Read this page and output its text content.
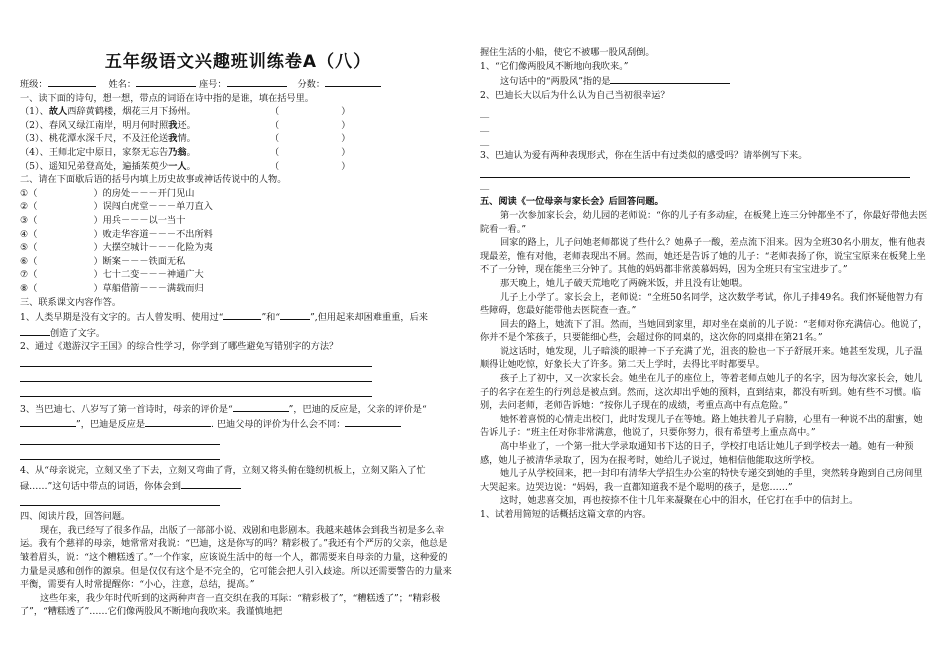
五年级语文兴趣班训练卷A（八）

班级：	姓名：	座号：	分数：

一、读下面的诗句，想一想，带点的词语在诗中指的是谁，填在括号里。

（1）、故人西辞黄鹤楼，烟花三月下扬州。	（	）

（2）、春风又绿江南岸，明月何时照我还。	（	）

（3）、桃花潭水深千尺，不及汪伦送我情。	（	）

（4）、王师北定中原日，家祭无忘告乃翁。	（	）

（5）、遥知兄弟登高处，遍插茱萸少一人。	（	）

二、请在下面歇后语的括号内填上历史故事或神话传说中的人物。

①（	）的房处－－－开门见山

②（	）误闯白虎堂－－－单刀直入

③（	）用兵－－－以一当十

④（	）败走华容道－－－不出所料

⑤（	）大摆空城计－－－化险为夷

⑥（	）断案－－－铁面无私

⑦（	）七十二变－－－神通广大

⑧（	）草船借箭－－－满载而归

三、联系课文内容作答。

1、人类早期是没有文字的。古人曾发明、使用过“	”和“	”,但用起来却困难重重，后来创造了文字。

2、通过《遨游汉字王国》的综合性学习，你学到了哪些避免写错别字的方法？

3、当巴迪七、八岁写了第一首诗时，母亲的评价是“	”，巴迪的反应是，父亲的评价是“”，巴迪是反应是	. 巴迪父母的评价为什么会不同：

4、从“母亲说完，立刻又坐了下去，立刻又弯曲了背，立刻又将头俯在缝纫机板上，立刻又陷入了忙碌……”这句话中带点的词语，你体会到

四、阅读片段，回答问题。

现在，我已经写了很多作品，出版了一部部小说、戏剧和电影剧本。我越来越体会到我当初是多么幸运。我有个慈祥的母亲，她常常对我说：“巴迪，这是你写的吗？精彩极了。”我还有个严厉的父亲，他总是皱着眉头，说：“这个糟糕透了。”一个作家，应该说生活中的每一个人，都需要来自母亲的力量，这种爱的力量是灵感和创作的源泉。但是仅仅有这个是不完全的，它可能会把人引入歧途。所以还需要警告的力量来平衡，需要有人时常提醒你：“小心，注意，总结，提高。”

这些年来，我少年时代听到的这两种声音一直交织在我的耳际：“精彩极了”，“糟糕透了”；“精彩极了”，“糟糕透了”……它们像两股风不断地向我吹来。我谨慎地把

握住生活的小船，使它不被哪一股风刮倒。

1、“它们像两股风不断地向我吹来。”

这句话中的“两股风”指的是

2、巴迪长大以后为什么认为自己当初很幸运？

＿

＿

＿

3、巴迪认为爱有两种表现形式，你在生活中有过类似的感受吗？请举例写下来。

＿

五、阅读《一位母亲与家长会》后回答问题。

第一次参加家长会，幼儿园的老师说：“你的儿子有多动症，在板凳上连三分钟都坐不了，你最好带他去医院看一看。”

回家的路上，儿子问她老师都说了些什么？她鼻子一酸，差点流下泪来。因为全班30名小朋友，惟有他表现最差，惟有对他，老师表现出不屑。然而，她还是告诉了她的儿子：“老师表扬了你，说宝宝原来在板凳上坐不了一分钟，现在能坐三分钟了。其他的妈妈都非常羡慕妈妈，因为全班只有宝宝进步了。”

那天晚上，她儿子破天荒地吃了两碗米饭，并且没有让她喂。

儿子上小学了。家长会上，老师说：“全班50名同学，这次数学考试，你儿子排49名。我们怀疑他智力有些障碍，您最好能带他去医院查一查。”

回去的路上，她流下了泪。然而，当她回到家里，却对坐在桌前的儿子说：“老师对你充满信心。他说了，你并不是个笨孩子，只要能细心些，会超过你的同桌的，这次你的同桌排在第21名。”

说这话时，她发现，儿子暗淡的眼神一下子充满了光，沮丧的脸也一下子舒展开来。她甚至发现，儿子温顺得让她吃惊，好象长大了许多。第二天上学时，去得比平时都要早。

孩子上了初中，又一次家长会。她坐在儿子的座位上，等着老师点她儿子的名字，因为每次家长会，她儿子的名字在差生的行列总是被点到。然而，这次却出乎她的预料，直到结束，都没有听到。她有些不习惯。临别，去问老师，老师告诉她：“按你儿子现在的成绩，考重点高中有点危险。”

她怀着喜悦的心情走出校门，此时发现儿子在等她。路上她扶着儿子肩膀，心里有一种说不出的甜蜜，她告诉儿子：“班主任对你非常满意，他说了，只要你努力，很有希望考上重点高中。”

高中毕业了，一个第一批大学录取通知书下达的日子，学校打电话让她儿子到学校去一趟。她有一种预感，她儿子被清华录取了，因为在报考时，她给儿子说过，她相信他能取这所学校。

她儿子从学校回来，把一封印有清华大学招生办公室的特快专递交到她的手里，突然转身跑到自己房间里大哭起来。边哭边说：“妈妈，我一直都知道我不是个聪明的孩子，是您……”

这时，她悲喜交加，再也按捺不住十几年来凝聚在心中的泪水，任它打在手中的信封上。

1、试着用简短的话概括这篇文章的内容。
